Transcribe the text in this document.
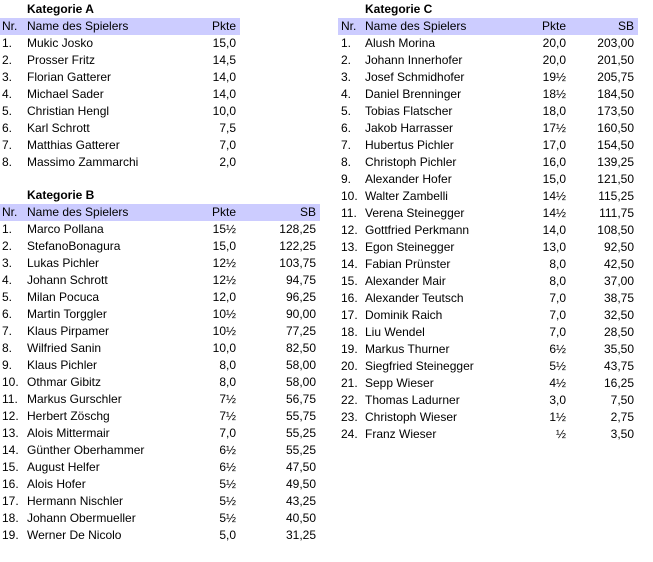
Kategorie A
Nr. Name des Spielers	Pkte
1. Mukic Josko	15,0
2. Prosser Fritz	14,5
3. Florian Gatterer	14,0
4. Michael Sader	14,0
5. Christian Hengl	10,0
6. Karl Schrott	7,5
7. Matthias Gatterer	7,0
8. Massimo Zammarchi	2,0
Kategorie B
Nr. Name des Spielers	Pkte	SB
1. Marco Pollana	15½	128,25
2. StefanoBonagura	15,0	122,25
3. Lukas Pichler	12½	103,75
4. Johann Schrott	12½	94,75
5. Milan Pocuca	12,0	96,25
6. Martin Torggler	10½	90,00
7. Klaus Pirpamer	10½	77,25
8. Wilfried Sanin	10,0	82,50
9. Klaus Pichler	8,0	58,00
10. Othmar Gibitz	8,0	58,00
11. Markus Gurschler	7½	56,75
12. Herbert Zöschg	7½	55,75
13. Alois Mittermair	7,0	55,25
14. Günther Oberhammer	6½	55,25
15. August Helfer	6½	47,50
16. Alois Hofer	5½	49,50
17. Hermann Nischler	5½	43,25
18. Johann Obermueller	5½	40,50
19. Werner De Nicolo	5,0	31,25
Kategorie C
Nr. Name des Spielers	Pkte	SB
1. Alush Morina	20,0	203,00
2. Johann Innerhofer	20,0	201,50
3. Josef Schmidhofer	19½	205,75
4. Daniel Brenninger	18½	184,50
5. Tobias Flatscher	18,0	173,50
6. Jakob Harrasser	17½	160,50
7. Hubertus Pichler	17,0	154,50
8. Christoph Pichler	16,0	139,25
9. Alexander Hofer	15,0	121,50
10. Walter Zambelli	14½	115,25
11. Verena Steinegger	14½	111,75
12. Gottfried Perkmann	14,0	108,50
13. Egon Steinegger	13,0	92,50
14. Fabian Prünster	8,0	42,50
15. Alexander Mair	8,0	37,00
16. Alexander Teutsch	7,0	38,75
17. Dominik Raich	7,0	32,50
18. Liu Wendel	7,0	28,50
19. Markus Thurner	6½	35,50
20. Siegfried Steinegger	5½	43,75
21. Sepp Wieser	4½	16,25
22. Thomas Ladurner	3,0	7,50
23. Christoph Wieser	1½	2,75
24. Franz Wieser	½	3,50
